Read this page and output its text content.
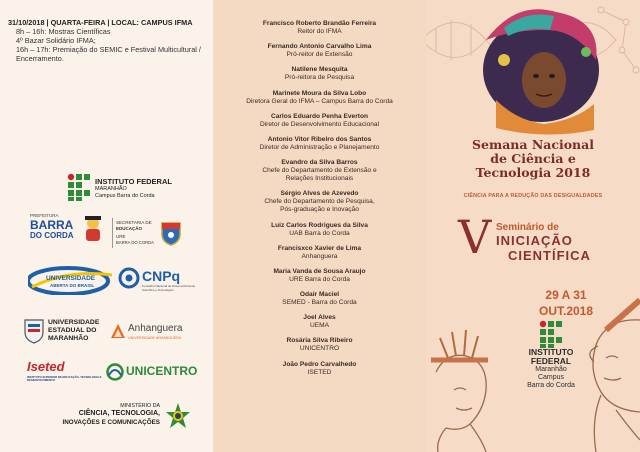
31/10/2018 | QUARTA-FEIRA | LOCAL: CAMPUS IFMA
8h – 16h: Mostras Científicas
4º Bazar Solidário IFMA;
16h – 17h: Premiação do SEMIC e Festival Multicultural / Encerramento.
INSTITUTO FEDERAL
MARANHÃO
Campus Barra do Corda
PREFEITURA
BARRA
DO CORDA
SECRETARIA DE
EDUCAÇÃO
URE
BARRA DO CORDA
UNIVERSIDADE
ABERTA DO BRASIL
CNPq
Conselho Nacional de Desenvolvimento Científico e Tecnológico
UNIVERSIDADE
ESTADUAL DO
MARANHÃO
Anhanguera
UNIVERSIDADE ANHANGUERA
Iseted
INSTITUTO SUPERIOR DE EDUCAÇÃO, TECNOLOGIA E DESENVOLVIMENTO
UNICENTRO
MINISTÉRIO DA
CIÊNCIA, TECNOLOGIA,
INOVAÇÕES E COMUNICAÇÕES
Francisco Roberto Brandão Ferreira
Reitor do IFMA
Fernando Antonio Carvalho Lima
Pró-reitor de Extensão
Natilene Mesquita
Pró-reitora de Pesquisa
Marinete Moura da Silva Lobo
Diretora Geral do IFMA – Campus Barra do Corda
Carlos Eduardo Penha Everton
Diretor de Desenvolvimento Educacional
Antonio Vitor Ribeiro dos Santos
Diretor de Administração e Planejamento
Evandro da Silva Barros
Chefe do Departamento de Extensão e
Relações Institucionais
Sérgio Alves de Azevedo
Chefe do Departamento de Pesquisa,
Pós-graduação e Inovação
Luiz Carlos Rodrigues da Silva
UAB Barra do Corda
Francisxco Xavier de Lima
Anhanguera
Maria Vanda de Sousa Araujo
URE Barra do Corda
Odair Maciel
SEMED - Barra do Corda
Joel Alves
UEMA
Rosária Silva Ribeiro
UNICENTRO
João Pedro Carvalhedo
ISETED
Semana Nacional
de Ciência e
Tecnologia 2018
CIÊNCIA PARA A REDUÇÃO DAS DESIGUALDADES
V Seminário de
INICIAÇÃO
CIENTÍFICA
29 A 31
OUT.2018
INSTITUTO
FEDERAL
Maranhão
Campus
Barra do Corda
